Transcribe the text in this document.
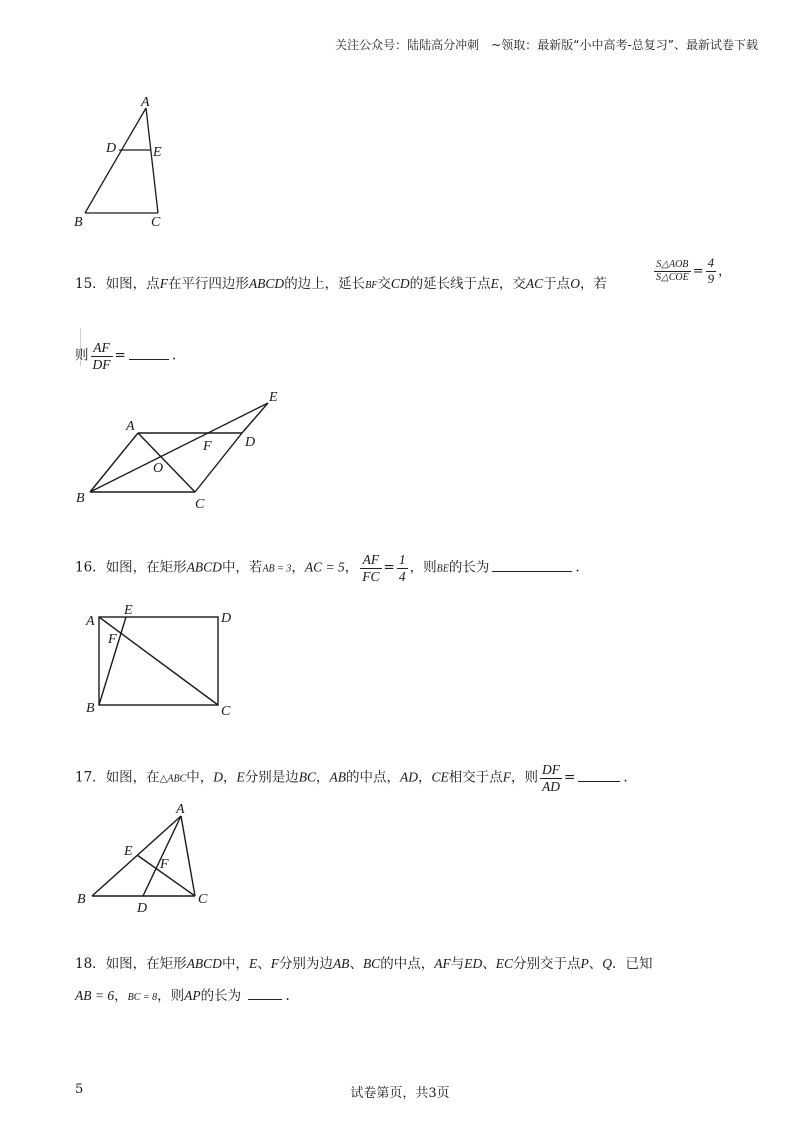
关注公众号：陆陆高分冲刺　~领取：最新版“小中高考-总复习”、最新试卷下载
A
D	E
B	C
15．如图，点F在平行四边形ABCD的边上，延长BF交CD的延长线于点E，交AC于点O，若
$\frac{\text{S△AOB}}{\text{S△COE}} = \frac{4}{9}$ ，
则 $\frac{AF}{DF}$ =	.
A
E
F D
O
B	C
16．如图，在矩形ABCD中，若AB = 3，AC = 5， $\frac{AF}{FC} = \frac{1}{4}$ ，则BE的长为	.
A
E
D
F
B	C
17．如图，在△ABC中，D，E分别是边BC，AB的中点，AD，CE相交于点F，则 $\frac{DF}{AD}$ =	.
A
E
F
B
D
C
18．如图，在矩形ABCD中，E、F分别为边AB、BC的中点，AF与ED、EC分别交于点P、Q．已知
AB = 6，BC = 8，则AP的长为	.
5	试卷第页，共3页
